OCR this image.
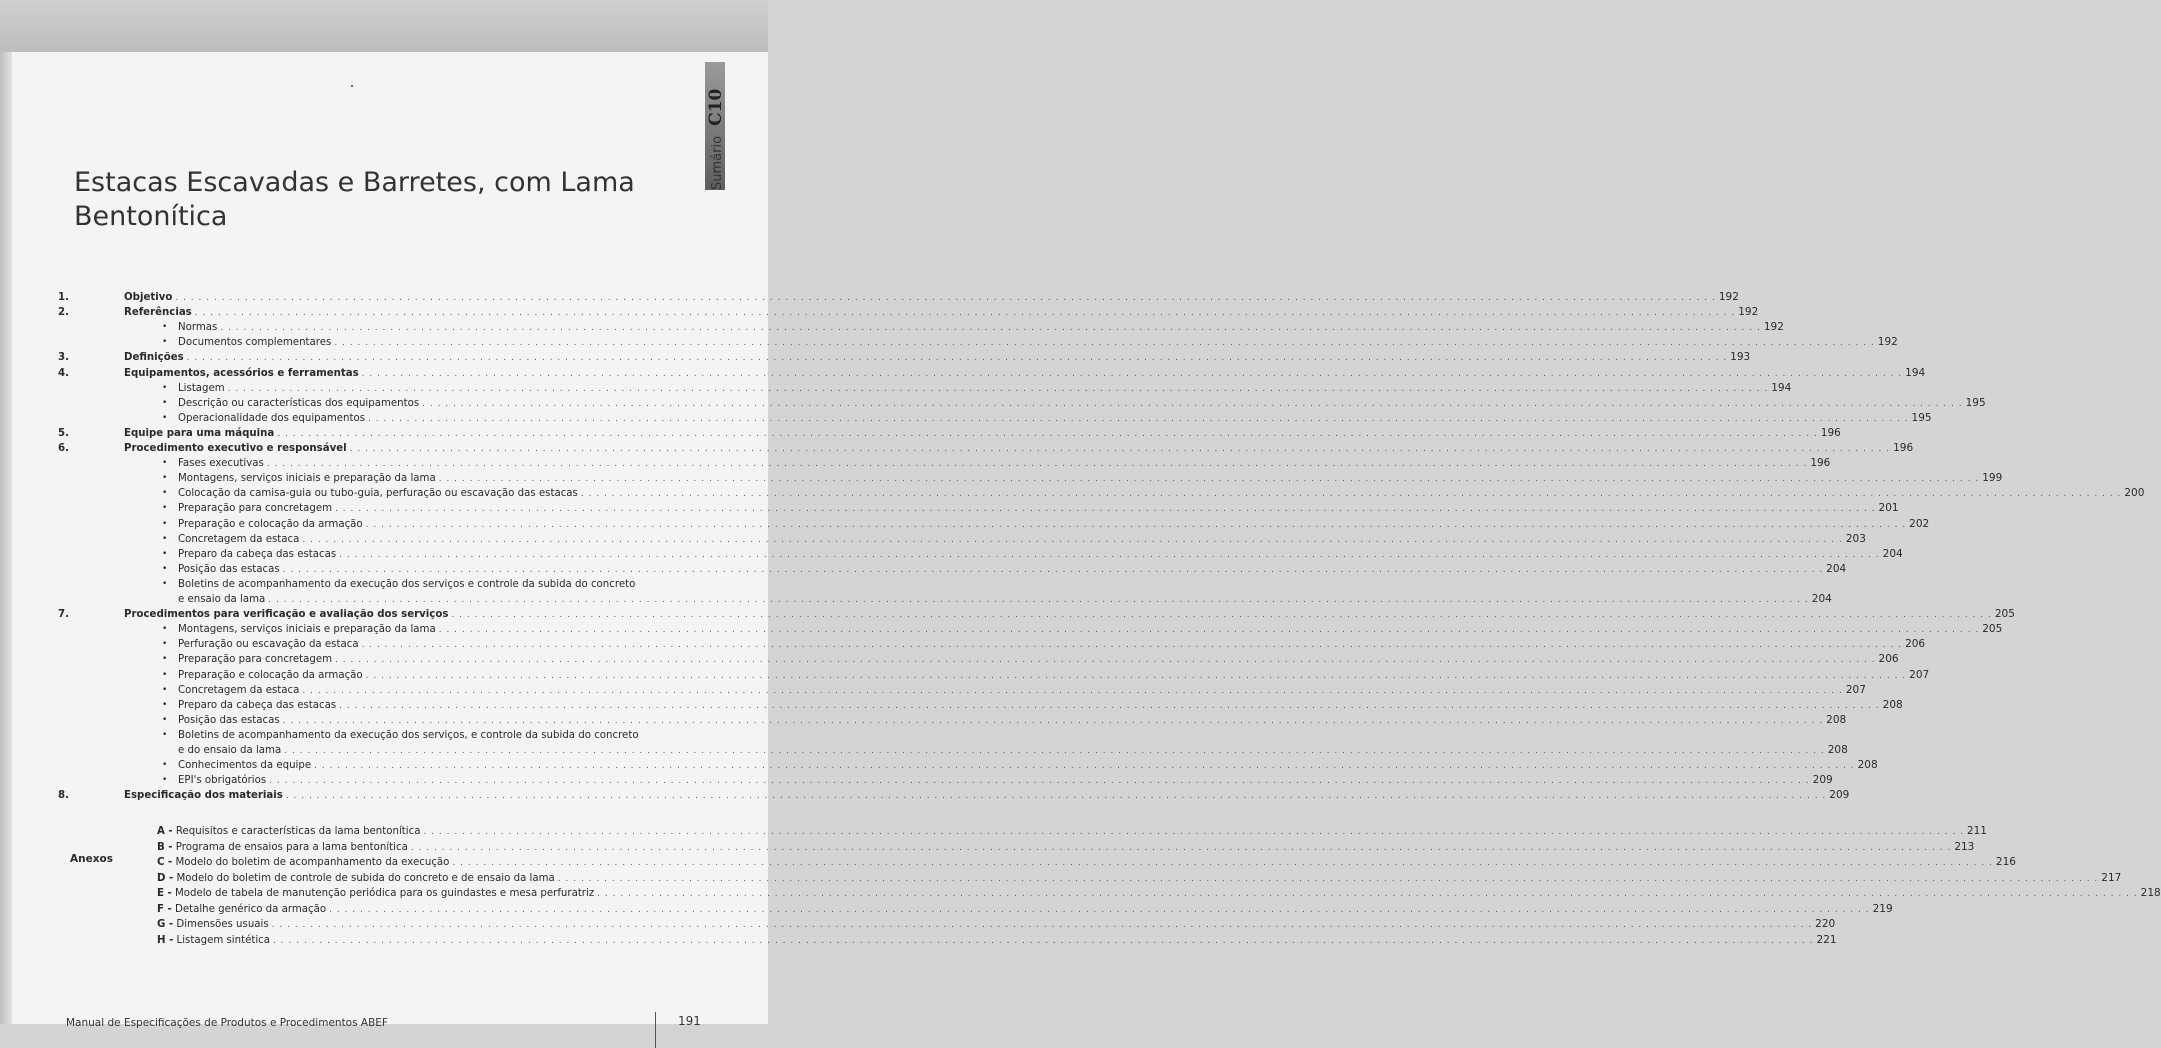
Estacas Escavadas e Barretes, com Lama
Bentonítica
Sumário C10
1.	Objetivo . . . . . . . . . . . . . . . . . . . . . . . . . . . . . . . . . . . . . . . . . . . . . . . . . . . . . . . . . . . . . . . . . . . . . . . . . . . . . . . . . . . . . . . . . . . . . . . . . . . . . . . . . . . . . . . . . . . . . . . . . . . . . . . . . . . . . . . . . . . . . . . . . . . . . . . . . . . . . . . . . . . . . . . . . . . . . . . . . . . . . . . . . . . . . . . . . . . . . . . . 192
2.	Referências . . . . . . . . . . . . . . . . . . . . . . . . . . . . . . . . . . . . . . . . . . . . . . . . . . . . . . . . . . . . . . . . . . . . . . . . . . . . . . . . . . . . . . . . . . . . . . . . . . . . . . . . . . . . . . . . . . . . . . . . . . . . . . . . . . . . . . . . . . . . . . . . . . . . . . . . . . . . . . . . . . . . . . . . . . . . . . . . . . . . . . . . . . . . . . . . . . . . . . . . 192
• Normas . . . . . . . . . . . . . . . . . . . . . . . . . . . . . . . . . . . . . . . . . . . . . . . . . . . . . . . . . . . . . . . . . . . . . . . . . . . . . . . . . . . . . . . . . . . . . . . . . . . . . . . . . . . . . . . . . . . . . . . . . . . . . . . . . . . . . . . . . . . . . . . . . . . . . . . . . . . . . . . . . . . . . . . . . . . . . . . . . . . . . . . . . . . . . . . . . . . . . . . . 192
• Documentos complementares . . . . . . . . . . . . . . . . . . . . . . . . . . . . . . . . . . . . . . . . . . . . . . . . . . . . . . . . . . . . . . . . . . . . . . . . . . . . . . . . . . . . . . . . . . . . . . . . . . . . . . . . . . . . . . . . . . . . . . . . . . . . . . . . . . . . . . . . . . . . . . . . . . . . . . . . . . . . . . . . . . . . . . . . . . . . . . . . . . . . . . . . . . . . . . . . . . . . . . . . 192
3.	Definições . . . . . . . . . . . . . . . . . . . . . . . . . . . . . . . . . . . . . . . . . . . . . . . . . . . . . . . . . . . . . . . . . . . . . . . . . . . . . . . . . . . . . . . . . . . . . . . . . . . . . . . . . . . . . . . . . . . . . . . . . . . . . . . . . . . . . . . . . . . . . . . . . . . . . . . . . . . . . . . . . . . . . . . . . . . . . . . . . . . . . . . . . . . . . . . . . . . . . . . . 193
4.	Equipamentos, acessórios e ferramentas . . . . . . . . . . . . . . . . . . . . . . . . . . . . . . . . . . . . . . . . . . . . . . . . . . . . . . . . . . . . . . . . . . . . . . . . . . . . . . . . . . . . . . . . . . . . . . . . . . . . . . . . . . . . . . . . . . . . . . . . . . . . . . . . . . . . . . . . . . . . . . . . . . . . . . . . . . . . . . . . . . . . . . . . . . . . . . . . . . . . . . . . . . . . . . . . . . . . . . . . 194
• Listagem . . . . . . . . . . . . . . . . . . . . . . . . . . . . . . . . . . . . . . . . . . . . . . . . . . . . . . . . . . . . . . . . . . . . . . . . . . . . . . . . . . . . . . . . . . . . . . . . . . . . . . . . . . . . . . . . . . . . . . . . . . . . . . . . . . . . . . . . . . . . . . . . . . . . . . . . . . . . . . . . . . . . . . . . . . . . . . . . . . . . . . . . . . . . . . . . . . . . . . . . 194
• Descrição ou características dos equipamentos . . . . . . . . . . . . . . . . . . . . . . . . . . . . . . . . . . . . . . . . . . . . . . . . . . . . . . . . . . . . . . . . . . . . . . . . . . . . . . . . . . . . . . . . . . . . . . . . . . . . . . . . . . . . . . . . . . . . . . . . . . . . . . . . . . . . . . . . . . . . . . . . . . . . . . . . . . . . . . . . . . . . . . . . . . . . . . . . . . . . . . . . . . . . . . . . . . . . . . . . 195
• Operacionalidade dos equipamentos . . . . . . . . . . . . . . . . . . . . . . . . . . . . . . . . . . . . . . . . . . . . . . . . . . . . . . . . . . . . . . . . . . . . . . . . . . . . . . . . . . . . . . . . . . . . . . . . . . . . . . . . . . . . . . . . . . . . . . . . . . . . . . . . . . . . . . . . . . . . . . . . . . . . . . . . . . . . . . . . . . . . . . . . . . . . . . . . . . . . . . . . . . . . . . . . . . . . . . . . 195
5.	Equipe para uma máquina . . . . . . . . . . . . . . . . . . . . . . . . . . . . . . . . . . . . . . . . . . . . . . . . . . . . . . . . . . . . . . . . . . . . . . . . . . . . . . . . . . . . . . . . . . . . . . . . . . . . . . . . . . . . . . . . . . . . . . . . . . . . . . . . . . . . . . . . . . . . . . . . . . . . . . . . . . . . . . . . . . . . . . . . . . . . . . . . . . . . . . . . . . . . . . . . . . . . . . . . 196
6.	Procedimento executivo e responsável . . . . . . . . . . . . . . . . . . . . . . . . . . . . . . . . . . . . . . . . . . . . . . . . . . . . . . . . . . . . . . . . . . . . . . . . . . . . . . . . . . . . . . . . . . . . . . . . . . . . . . . . . . . . . . . . . . . . . . . . . . . . . . . . . . . . . . . . . . . . . . . . . . . . . . . . . . . . . . . . . . . . . . . . . . . . . . . . . . . . . . . . . . . . . . . . . . . . . . . . 196
• Fases executivas . . . . . . . . . . . . . . . . . . . . . . . . . . . . . . . . . . . . . . . . . . . . . . . . . . . . . . . . . . . . . . . . . . . . . . . . . . . . . . . . . . . . . . . . . . . . . . . . . . . . . . . . . . . . . . . . . . . . . . . . . . . . . . . . . . . . . . . . . . . . . . . . . . . . . . . . . . . . . . . . . . . . . . . . . . . . . . . . . . . . . . . . . . . . . . . . . . . . . . . . 196
• Montagens, serviços iniciais e preparação da lama . . . . . . . . . . . . . . . . . . . . . . . . . . . . . . . . . . . . . . . . . . . . . . . . . . . . . . . . . . . . . . . . . . . . . . . . . . . . . . . . . . . . . . . . . . . . . . . . . . . . . . . . . . . . . . . . . . . . . . . . . . . . . . . . . . . . . . . . . . . . . . . . . . . . . . . . . . . . . . . . . . . . . . . . . . . . . . . . . . . . . . . . . . . . . . . . . . . . . . . . 199
• Colocação da camisa-guia ou tubo-guia, perfuração ou escavação das estacas . . . . . . . . . . . . . . . . . . . . . . . . . . . . . . . . . . . . . . . . . . . . . . . . . . . . . . . . . . . . . . . . . . . . . . . . . . . . . . . . . . . . . . . . . . . . . . . . . . . . . . . . . . . . . . . . . . . . . . . . . . . . . . . . . . . . . . . . . . . . . . . . . . . . . . . . . . . . . . . . . . . . . . . . . . . . . . . . . . . . . . . . . . . . . . . . . . . . . . . . 200
• Preparação para concretagem . . . . . . . . . . . . . . . . . . . . . . . . . . . . . . . . . . . . . . . . . . . . . . . . . . . . . . . . . . . . . . . . . . . . . . . . . . . . . . . . . . . . . . . . . . . . . . . . . . . . . . . . . . . . . . . . . . . . . . . . . . . . . . . . . . . . . . . . . . . . . . . . . . . . . . . . . . . . . . . . . . . . . . . . . . . . . . . . . . . . . . . . . . . . . . . . . . . . . . . . 201
• Preparação e colocação da armação . . . . . . . . . . . . . . . . . . . . . . . . . . . . . . . . . . . . . . . . . . . . . . . . . . . . . . . . . . . . . . . . . . . . . . . . . . . . . . . . . . . . . . . . . . . . . . . . . . . . . . . . . . . . . . . . . . . . . . . . . . . . . . . . . . . . . . . . . . . . . . . . . . . . . . . . . . . . . . . . . . . . . . . . . . . . . . . . . . . . . . . . . . . . . . . . . . . . . . . . 202
• Concretagem da estaca . . . . . . . . . . . . . . . . . . . . . . . . . . . . . . . . . . . . . . . . . . . . . . . . . . . . . . . . . . . . . . . . . . . . . . . . . . . . . . . . . . . . . . . . . . . . . . . . . . . . . . . . . . . . . . . . . . . . . . . . . . . . . . . . . . . . . . . . . . . . . . . . . . . . . . . . . . . . . . . . . . . . . . . . . . . . . . . . . . . . . . . . . . . . . . . . . . . . . . . . 203
• Preparo da cabeça das estacas . . . . . . . . . . . . . . . . . . . . . . . . . . . . . . . . . . . . . . . . . . . . . . . . . . . . . . . . . . . . . . . . . . . . . . . . . . . . . . . . . . . . . . . . . . . . . . . . . . . . . . . . . . . . . . . . . . . . . . . . . . . . . . . . . . . . . . . . . . . . . . . . . . . . . . . . . . . . . . . . . . . . . . . . . . . . . . . . . . . . . . . . . . . . . . . . . . . . . . . . 204
• Posição das estacas . . . . . . . . . . . . . . . . . . . . . . . . . . . . . . . . . . . . . . . . . . . . . . . . . . . . . . . . . . . . . . . . . . . . . . . . . . . . . . . . . . . . . . . . . . . . . . . . . . . . . . . . . . . . . . . . . . . . . . . . . . . . . . . . . . . . . . . . . . . . . . . . . . . . . . . . . . . . . . . . . . . . . . . . . . . . . . . . . . . . . . . . . . . . . . . . . . . . . . . . 204
• Boletins de acompanhamento da execução dos serviços e controle da subida do concreto
e ensaio da lama . . . . . . . . . . . . . . . . . . . . . . . . . . . . . . . . . . . . . . . . . . . . . . . . . . . . . . . . . . . . . . . . . . . . . . . . . . . . . . . . . . . . . . . . . . . . . . . . . . . . . . . . . . . . . . . . . . . . . . . . . . . . . . . . . . . . . . . . . . . . . . . . . . . . . . . . . . . . . . . . . . . . . . . . . . . . . . . . . . . . . . . . . . . . . . . . . . . . . . . . 204
7.	Procedimentos para verificação e avaliação dos serviços . . . . . . . . . . . . . . . . . . . . . . . . . . . . . . . . . . . . . . . . . . . . . . . . . . . . . . . . . . . . . . . . . . . . . . . . . . . . . . . . . . . . . . . . . . . . . . . . . . . . . . . . . . . . . . . . . . . . . . . . . . . . . . . . . . . . . . . . . . . . . . . . . . . . . . . . . . . . . . . . . . . . . . . . . . . . . . . . . . . . . . . . . . . . . . . . . . . . . . . . 205
• Montagens, serviços iniciais e preparação da lama . . . . . . . . . . . . . . . . . . . . . . . . . . . . . . . . . . . . . . . . . . . . . . . . . . . . . . . . . . . . . . . . . . . . . . . . . . . . . . . . . . . . . . . . . . . . . . . . . . . . . . . . . . . . . . . . . . . . . . . . . . . . . . . . . . . . . . . . . . . . . . . . . . . . . . . . . . . . . . . . . . . . . . . . . . . . . . . . . . . . . . . . . . . . . . . . . . . . . . . . 205
• Perfuração ou escavação da estaca . . . . . . . . . . . . . . . . . . . . . . . . . . . . . . . . . . . . . . . . . . . . . . . . . . . . . . . . . . . . . . . . . . . . . . . . . . . . . . . . . . . . . . . . . . . . . . . . . . . . . . . . . . . . . . . . . . . . . . . . . . . . . . . . . . . . . . . . . . . . . . . . . . . . . . . . . . . . . . . . . . . . . . . . . . . . . . . . . . . . . . . . . . . . . . . . . . . . . . . . 206
• Preparação para concretagem . . . . . . . . . . . . . . . . . . . . . . . . . . . . . . . . . . . . . . . . . . . . . . . . . . . . . . . . . . . . . . . . . . . . . . . . . . . . . . . . . . . . . . . . . . . . . . . . . . . . . . . . . . . . . . . . . . . . . . . . . . . . . . . . . . . . . . . . . . . . . . . . . . . . . . . . . . . . . . . . . . . . . . . . . . . . . . . . . . . . . . . . . . . . . . . . . . . . . . . . 206
• Preparação e colocação da armação . . . . . . . . . . . . . . . . . . . . . . . . . . . . . . . . . . . . . . . . . . . . . . . . . . . . . . . . . . . . . . . . . . . . . . . . . . . . . . . . . . . . . . . . . . . . . . . . . . . . . . . . . . . . . . . . . . . . . . . . . . . . . . . . . . . . . . . . . . . . . . . . . . . . . . . . . . . . . . . . . . . . . . . . . . . . . . . . . . . . . . . . . . . . . . . . . . . . . . . . 207
• Concretagem da estaca . . . . . . . . . . . . . . . . . . . . . . . . . . . . . . . . . . . . . . . . . . . . . . . . . . . . . . . . . . . . . . . . . . . . . . . . . . . . . . . . . . . . . . . . . . . . . . . . . . . . . . . . . . . . . . . . . . . . . . . . . . . . . . . . . . . . . . . . . . . . . . . . . . . . . . . . . . . . . . . . . . . . . . . . . . . . . . . . . . . . . . . . . . . . . . . . . . . . . . . . 207
• Preparo da cabeça das estacas . . . . . . . . . . . . . . . . . . . . . . . . . . . . . . . . . . . . . . . . . . . . . . . . . . . . . . . . . . . . . . . . . . . . . . . . . . . . . . . . . . . . . . . . . . . . . . . . . . . . . . . . . . . . . . . . . . . . . . . . . . . . . . . . . . . . . . . . . . . . . . . . . . . . . . . . . . . . . . . . . . . . . . . . . . . . . . . . . . . . . . . . . . . . . . . . . . . . . . . . 208
• Posição das estacas . . . . . . . . . . . . . . . . . . . . . . . . . . . . . . . . . . . . . . . . . . . . . . . . . . . . . . . . . . . . . . . . . . . . . . . . . . . . . . . . . . . . . . . . . . . . . . . . . . . . . . . . . . . . . . . . . . . . . . . . . . . . . . . . . . . . . . . . . . . . . . . . . . . . . . . . . . . . . . . . . . . . . . . . . . . . . . . . . . . . . . . . . . . . . . . . . . . . . . . . 208
• Boletins de acompanhamento da execução dos serviços, e controle da subida do concreto
e do ensaio da lama . . . . . . . . . . . . . . . . . . . . . . . . . . . . . . . . . . . . . . . . . . . . . . . . . . . . . . . . . . . . . . . . . . . . . . . . . . . . . . . . . . . . . . . . . . . . . . . . . . . . . . . . . . . . . . . . . . . . . . . . . . . . . . . . . . . . . . . . . . . . . . . . . . . . . . . . . . . . . . . . . . . . . . . . . . . . . . . . . . . . . . . . . . . . . . . . . . . . . . . . 208
• Conhecimentos da equipe . . . . . . . . . . . . . . . . . . . . . . . . . . . . . . . . . . . . . . . . . . . . . . . . . . . . . . . . . . . . . . . . . . . . . . . . . . . . . . . . . . . . . . . . . . . . . . . . . . . . . . . . . . . . . . . . . . . . . . . . . . . . . . . . . . . . . . . . . . . . . . . . . . . . . . . . . . . . . . . . . . . . . . . . . . . . . . . . . . . . . . . . . . . . . . . . . . . . . . . . 208
• EPI's obrigatórios . . . . . . . . . . . . . . . . . . . . . . . . . . . . . . . . . . . . . . . . . . . . . . . . . . . . . . . . . . . . . . . . . . . . . . . . . . . . . . . . . . . . . . . . . . . . . . . . . . . . . . . . . . . . . . . . . . . . . . . . . . . . . . . . . . . . . . . . . . . . . . . . . . . . . . . . . . . . . . . . . . . . . . . . . . . . . . . . . . . . . . . . . . . . . . . . . . . . . . . . 209
8.	Especificação dos materiais . . . . . . . . . . . . . . . . . . . . . . . . . . . . . . . . . . . . . . . . . . . . . . . . . . . . . . . . . . . . . . . . . . . . . . . . . . . . . . . . . . . . . . . . . . . . . . . . . . . . . . . . . . . . . . . . . . . . . . . . . . . . . . . . . . . . . . . . . . . . . . . . . . . . . . . . . . . . . . . . . . . . . . . . . . . . . . . . . . . . . . . . . . . . . . . . . . . . . . . . 209
Anexos
A - Requisitos e características da lama bentonítica . . . . . . . . . . . . . . . . . . . . . . . . . . . . . . . . . . . . . . . . . . . . . . . . . . . . . . . . . . . . . . . . . . . . . . . . . . . . . . . . . . . . . . . . . . . . . . . . . . . . . . . . . . . . . . . . . . . . . . . . . . . . . . . . . . . . . . . . . . . . . . . . . . . . . . . . . . . . . . . . . . . . . . . . . . . . . . . . . . . . . . . . . . . . . . . . . . . . . . . . 211
B - Programa de ensaios para a lama bentonítica . . . . . . . . . . . . . . . . . . . . . . . . . . . . . . . . . . . . . . . . . . . . . . . . . . . . . . . . . . . . . . . . . . . . . . . . . . . . . . . . . . . . . . . . . . . . . . . . . . . . . . . . . . . . . . . . . . . . . . . . . . . . . . . . . . . . . . . . . . . . . . . . . . . . . . . . . . . . . . . . . . . . . . . . . . . . . . . . . . . . . . . . . . . . . . . . . . . . . . . . 213
C - Modelo do boletim de acompanhamento da execução . . . . . . . . . . . . . . . . . . . . . . . . . . . . . . . . . . . . . . . . . . . . . . . . . . . . . . . . . . . . . . . . . . . . . . . . . . . . . . . . . . . . . . . . . . . . . . . . . . . . . . . . . . . . . . . . . . . . . . . . . . . . . . . . . . . . . . . . . . . . . . . . . . . . . . . . . . . . . . . . . . . . . . . . . . . . . . . . . . . . . . . . . . . . . . . . . . . . . . . . 216
D - Modelo do boletim de controle de subida do concreto e de ensaio da lama . . . . . . . . . . . . . . . . . . . . . . . . . . . . . . . . . . . . . . . . . . . . . . . . . . . . . . . . . . . . . . . . . . . . . . . . . . . . . . . . . . . . . . . . . . . . . . . . . . . . . . . . . . . . . . . . . . . . . . . . . . . . . . . . . . . . . . . . . . . . . . . . . . . . . . . . . . . . . . . . . . . . . . . . . . . . . . . . . . . . . . . . . . . . . . . . . . . . . . . . 217
E - Modelo de tabela de manutenção periódica para os guindastes e mesa perfuratriz . . . . . . . . . . . . . . . . . . . . . . . . . . . . . . . . . . . . . . . . . . . . . . . . . . . . . . . . . . . . . . . . . . . . . . . . . . . . . . . . . . . . . . . . . . . . . . . . . . . . . . . . . . . . . . . . . . . . . . . . . . . . . . . . . . . . . . . . . . . . . . . . . . . . . . . . . . . . . . . . . . . . . . . . . . . . . . . . . . . . . . . . . . . . . . . . . . . . . . . . 218
F - Detalhe genérico da armação . . . . . . . . . . . . . . . . . . . . . . . . . . . . . . . . . . . . . . . . . . . . . . . . . . . . . . . . . . . . . . . . . . . . . . . . . . . . . . . . . . . . . . . . . . . . . . . . . . . . . . . . . . . . . . . . . . . . . . . . . . . . . . . . . . . . . . . . . . . . . . . . . . . . . . . . . . . . . . . . . . . . . . . . . . . . . . . . . . . . . . . . . . . . . . . . . . . . . . . . 219
G - Dimensões usuais . . . . . . . . . . . . . . . . . . . . . . . . . . . . . . . . . . . . . . . . . . . . . . . . . . . . . . . . . . . . . . . . . . . . . . . . . . . . . . . . . . . . . . . . . . . . . . . . . . . . . . . . . . . . . . . . . . . . . . . . . . . . . . . . . . . . . . . . . . . . . . . . . . . . . . . . . . . . . . . . . . . . . . . . . . . . . . . . . . . . . . . . . . . . . . . . . . . . . . . . 220
H - Listagem sintética . . . . . . . . . . . . . . . . . . . . . . . . . . . . . . . . . . . . . . . . . . . . . . . . . . . . . . . . . . . . . . . . . . . . . . . . . . . . . . . . . . . . . . . . . . . . . . . . . . . . . . . . . . . . . . . . . . . . . . . . . . . . . . . . . . . . . . . . . . . . . . . . . . . . . . . . . . . . . . . . . . . . . . . . . . . . . . . . . . . . . . . . . . . . . . . . . . . . . . . . 221
Manual de Especificações de Produtos e Procedimentos ABEF	191
